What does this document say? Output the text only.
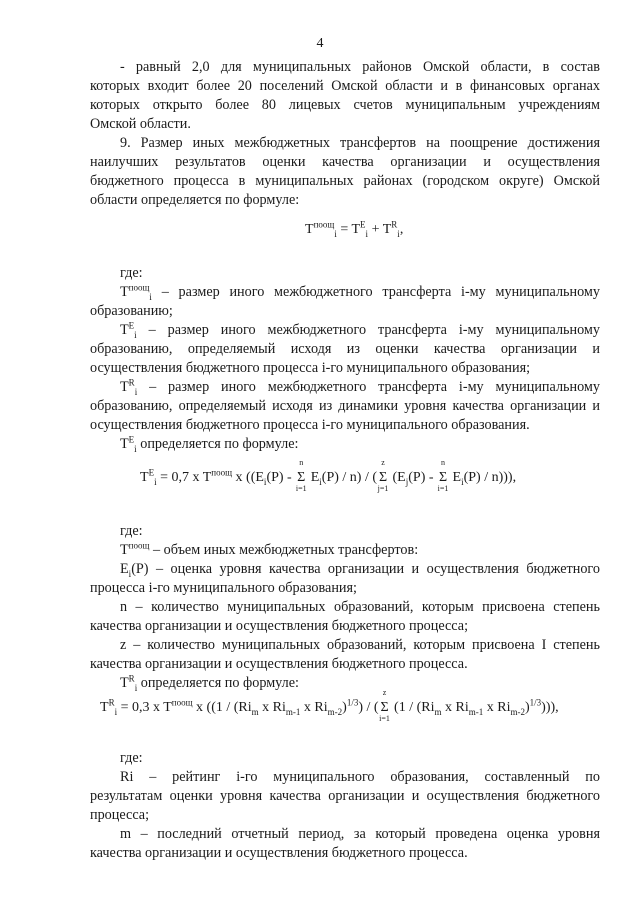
4
- равный 2,0 для муниципальных районов Омской области, в состав
которых входит более 20 поселений Омской области и в финансовых органах
которых открыто более 80 лицевых счетов муниципальным учреждениям
Омской области.
9. Размер иных межбюджетных трансфертов на поощрение достижения
наилучших результатов оценки качества организации и осуществления
бюджетного процесса в муниципальных районах (городском округе) Омской
области определяется по формуле:
$T^{поощ}_i = T^E_i + T^R_i$,
где:
$T^{поощ}_i$ – размер иного межбюджетного трансферта i-му муниципальному
образованию;
$T^E_i$ – размер иного межбюджетного трансферта i-му муниципальному
образованию, определяемый исходя из оценки качества организации и
осуществления бюджетного процесса i-го муниципального образования;
$T^R_i$ – размер иного межбюджетного трансферта i-му муниципальному
образованию, определяемый исходя из динамики уровня качества организации и
осуществления бюджетного процесса i-го муниципального образования.
$T^E_i$ определяется по формуле:
$T^E_i = 0,7$ x $T^{поощ}$ x (($E_i(P)$ -
n
Σ
i=1
$E_i(P) / n$) / (
z
Σ
j=1
($E_j(P)$ -
n
Σ
i=1
$E_i(P) / n$))),
где:
$T^{поощ}$ – объем иных межбюджетных трансфертов:
$E_i(P)$ – оценка уровня качества организации и осуществления бюджетного
процесса i-го муниципального образования;
n – количество муниципальных образований, которым присвоена степень
качества организации и осуществления бюджетного процесса;
z – количество муниципальных образований, которым присвоена I степень
качества организации и осуществления бюджетного процесса.
$T^R_i$ определяется по формуле:
$T^R_i = 0,3$ x $T^{поощ}$ x (($1 / (Ri_m$ x $Ri_{m-1}$ x $Ri_{m-2})^{1/3}$) / (
z
Σ
i=1
($1 / (Ri_m$ x $Ri_{m-1}$ x $Ri_{m-2})^{1/3}$))),
где:
Ri – рейтинг i-го муниципального образования, составленный по
результатам оценки уровня качества организации и осуществления бюджетного
процесса;
m – последний отчетный период, за который проведена оценка уровня
качества организации и осуществления бюджетного процесса.
